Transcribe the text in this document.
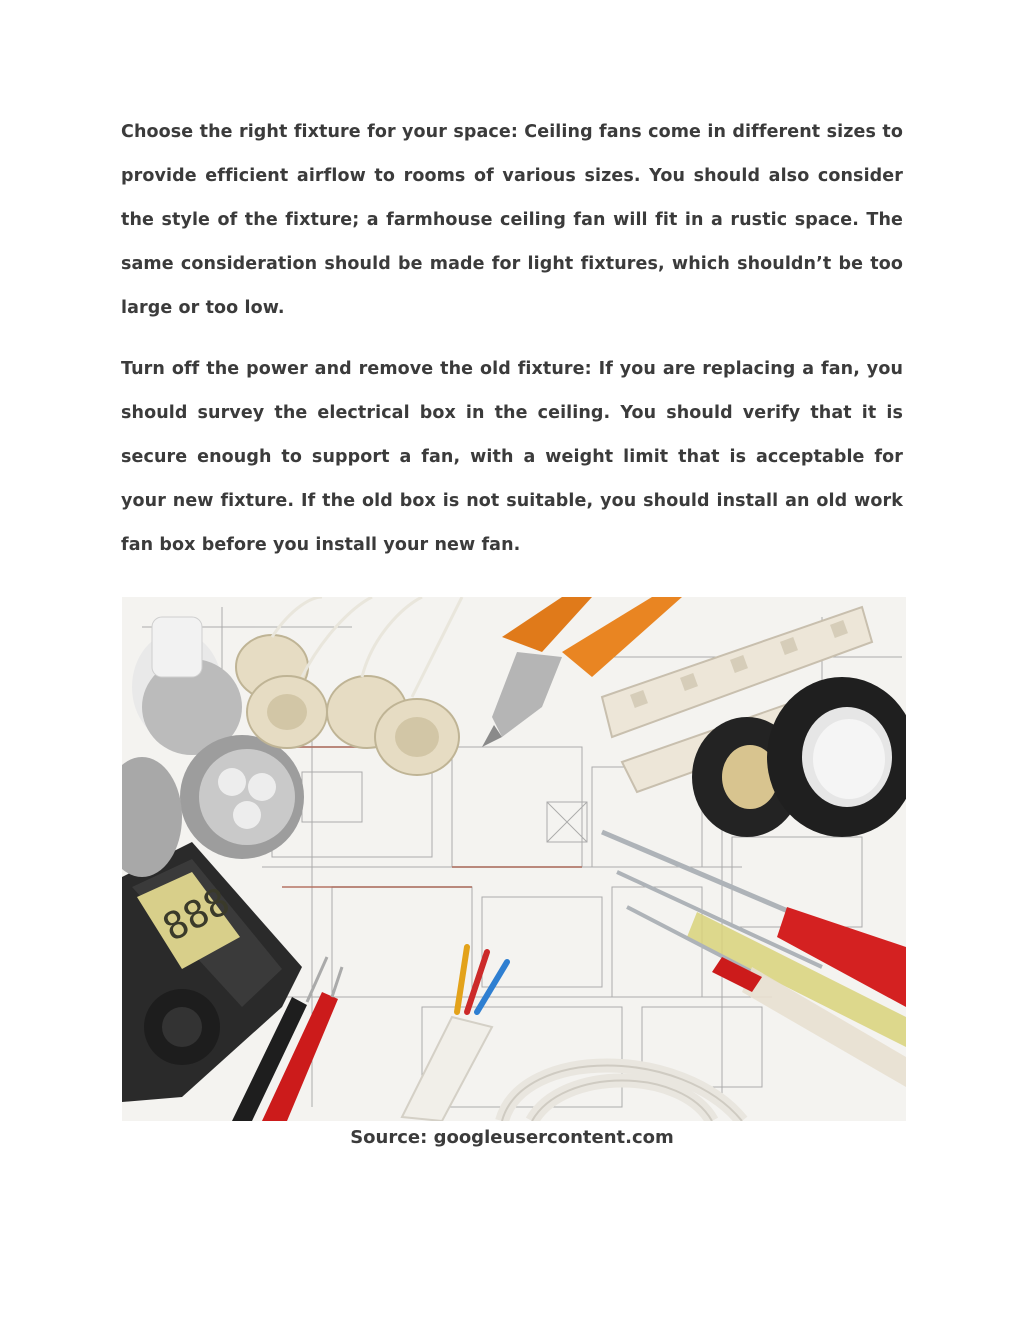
Choose the right fixture for your space: Ceiling fans come in different sizes to provide efficient airflow to rooms of various sizes. You should also consider the style of the fixture; a farmhouse ceiling fan will fit in a rustic space. The same consideration should be made for light fixtures, which shouldn’t be too large or too low.

Turn off the power and remove the old fixture: If you are replacing a fan, you should survey the electrical box in the ceiling. You should verify that it is secure enough to support a fan, with a weight limit that is acceptable for your new fixture. If the old box is not suitable, you should install an old work fan box before you install your new fan.

888
Source: googleusercontent.com
